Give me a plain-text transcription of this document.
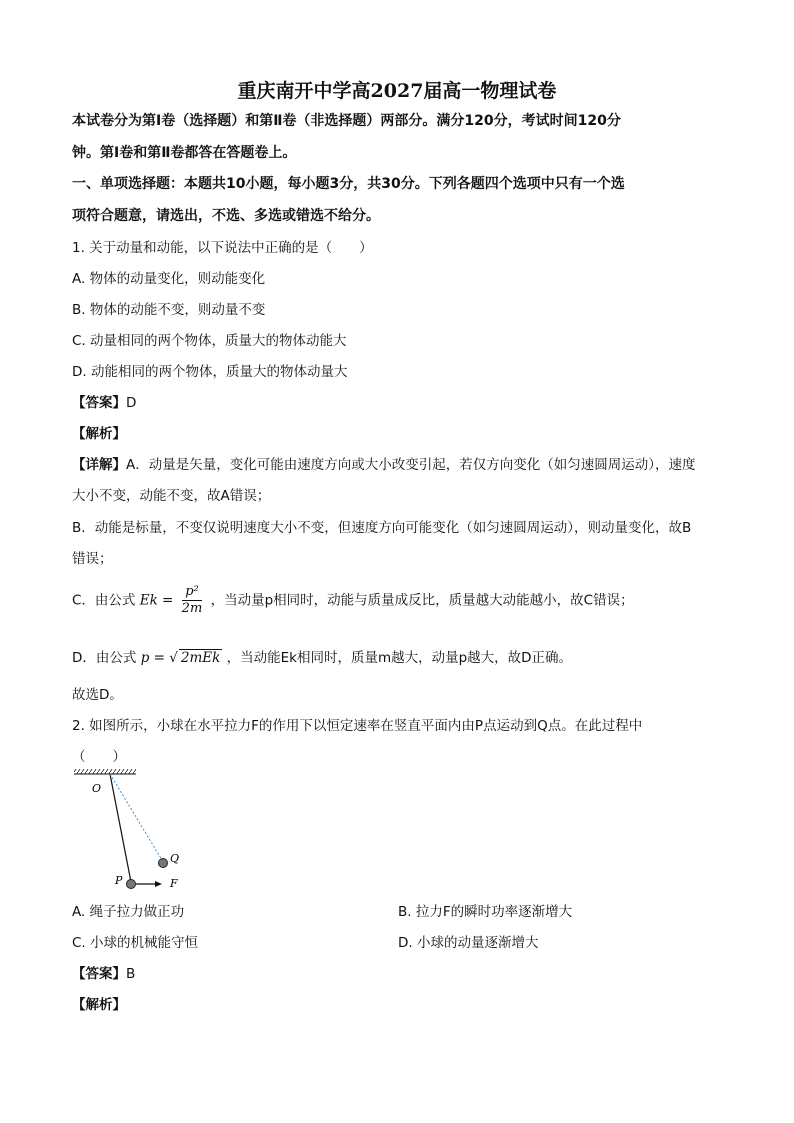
重庆南开中学高2027届高一物理试卷
本试卷分为第Ⅰ卷（选择题）和第Ⅱ卷（非选择题）两部分。满分120分，考试时间120分
钟。第Ⅰ卷和第Ⅱ卷都答在答题卷上。
一、单项选择题：本题共10小题，每小题3分，共30分。下列各题四个选项中只有一个选
项符合题意，请选出，不选、多选或错选不给分。
1. 关于动量和动能，以下说法中正确的是（　　）
A. 物体的动量变化，则动能变化
B. 物体的动能不变，则动量不变
C. 动量相同的两个物体，质量大的物体动能大
D. 动能相同的两个物体，质量大的物体动量大
【答案】D
【解析】
【详解】A．动量是矢量，变化可能由速度方向或大小改变引起，若仅方向变化（如匀速圆周运动），速度
大小不变，动能不变，故A错误；
B．动能是标量，不变仅说明速度大小不变，但速度方向可能变化（如匀速圆周运动），则动量变化，故B
错误；
C．由公式 $Ek = \frac{\text{p²}}{2m}$ ，当动量p相同时，动能与质量成反比，质量越大动能越小，故C错误；
D．由公式 p = √ 2mEk ，当动能Ek相同时，质量m越大，动量p越大，故D正确。
故选D。
2. 如图所示，小球在水平拉力F的作用下以恒定速率在竖直平面内由P点运动到Q点。在此过程中
（　　）
O
Q
P	F
A. 绳子拉力做正功	B. 拉力F的瞬时功率逐渐增大
C. 小球的机械能守恒	D. 小球的动量逐渐增大
【答案】B
【解析】
